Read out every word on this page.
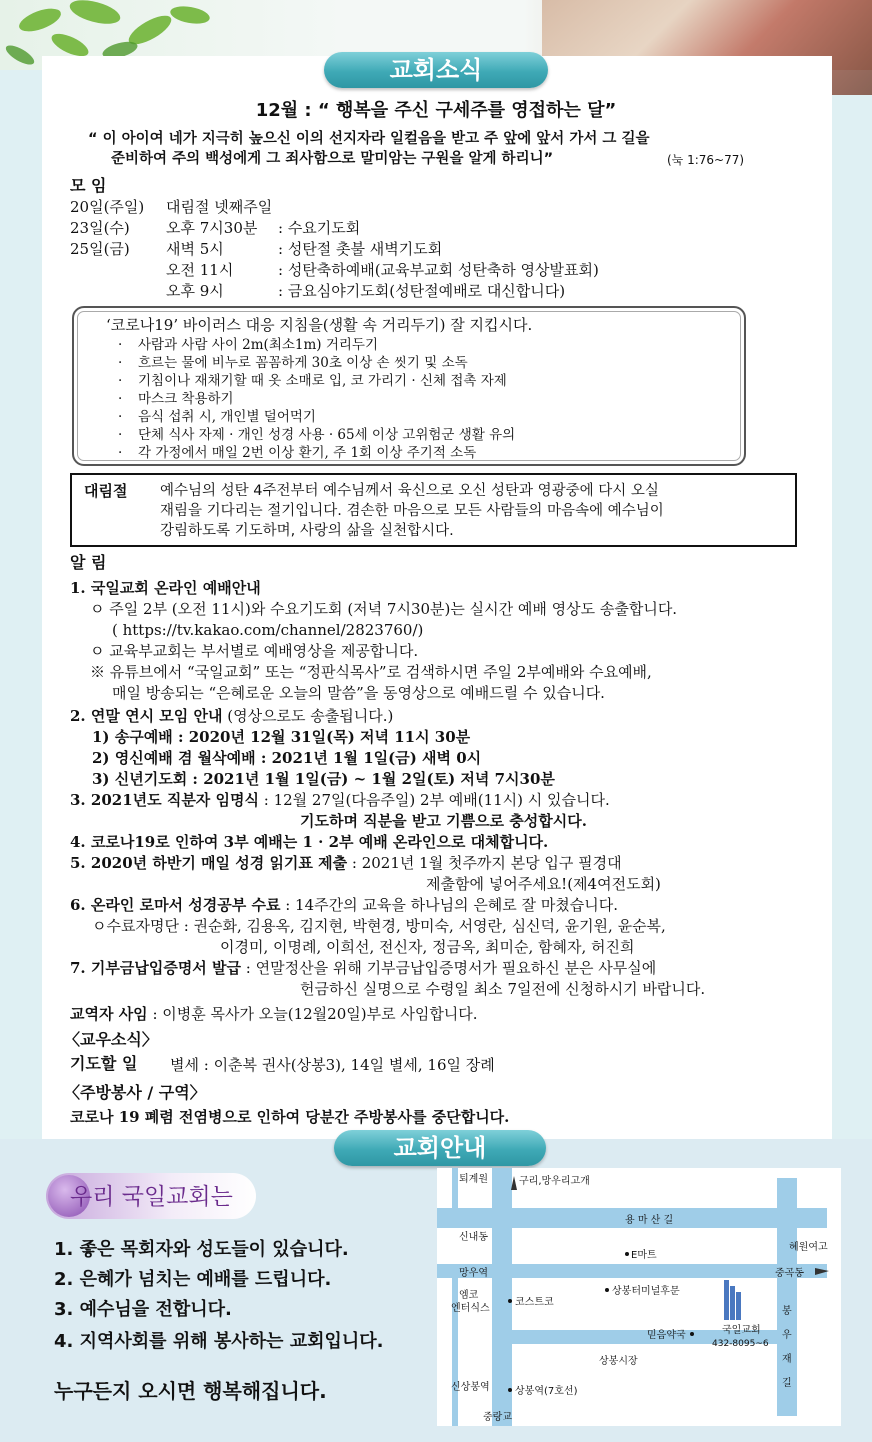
교회소식
12월 : “ 행복을 주신 구세주를 영접하는 달”
“ 이 아이여 네가 지극히 높으신 이의 선지자라 일컬음을 받고 주 앞에 앞서 가서 그 길을
준비하여 주의 백성에게 그 죄사함으로 말미암는 구원을 알게 하리니”	(눅 1:76~77)
모 임
20일(주일) 대림절 넷째주일
23일(수) 오후 7시30분 : 수요기도회
25일(금) 새벽 5시	: 성탄절 촛불 새벽기도회
오전 11시	: 성탄축하예배(교육부교회 성탄축하 영상발표회)
오후 9시	: 금요심야기도회(성탄절예배로 대신합니다)
‘코로나19’ 바이러스 대응 지침을(생활 속 거리두기) 잘 지킵시다.
· 사람과 사람 사이 2m(최소1m) 거리두기
· 흐르는 물에 비누로 꼼꼼하게 30초 이상 손 씻기 및 소독
· 기침이나 재채기할 때 옷 소매로 입, 코 가리기 · 신체 접촉 자제
· 마스크 착용하기
· 음식 섭취 시, 개인별 덜어먹기
· 단체 식사 자제 · 개인 성경 사용 · 65세 이상 고위험군 생활 유의
· 각 가정에서 매일 2번 이상 환기, 주 1회 이상 주기적 소독
대림절 예수님의 성탄 4주전부터 예수님께서 육신으로 오신 성탄과 영광중에 다시 오실
재림을 기다리는 절기입니다. 겸손한 마음으로 모든 사람들의 마음속에 예수님이
강림하도록 기도하며, 사랑의 삶을 실천합시다.
알 림
1. 국일교회 온라인 예배안내
ㅇ 주일 2부 (오전 11시)와 수요기도회 (저녁 7시30분)는 실시간 예배 영상도 송출합니다.
( https://tv.kakao.com/channel/2823760/)
ㅇ 교육부교회는 부서별로 예배영상을 제공합니다.
※ 유튜브에서 “국일교회” 또는 “정판식목사”로 검색하시면 주일 2부예배와 수요예배,
매일 방송되는 “은혜로운 오늘의 말씀”을 동영상으로 예배드릴 수 있습니다.
2. 연말 연시 모임 안내 (영상으로도 송출됩니다.)
1) 송구예배 : 2020년 12월 31일(목) 저녁 11시 30분
2) 영신예배 겸 월삭예배 : 2021년 1월 1일(금) 새벽 0시
3) 신년기도회 : 2021년 1월 1일(금) ~ 1월 2일(토) 저녁 7시30분
3. 2021년도 직분자 임명식 : 12월 27일(다음주일) 2부 예배(11시) 시 있습니다.
기도하며 직분을 받고 기쁨으로 충성합시다.
4. 코로나19로 인하여 3부 예배는 1 · 2부 예배 온라인으로 대체합니다.
5. 2020년 하반기 매일 성경 읽기표 제출 : 2021년 1월 첫주까지 본당 입구 필경대
제출함에 넣어주세요!(제4여전도회)
6. 온라인 로마서 성경공부 수료 : 14주간의 교육을 하나님의 은혜로 잘 마쳤습니다.
ㅇ수료자명단 : 권순화, 김용옥, 김지현, 박현경, 방미숙, 서영란, 심신덕, 윤기원, 윤순복,
이경미, 이명례, 이희선, 전신자, 정금옥, 최미순, 함혜자, 허진희
7. 기부금납입증명서 발급 : 연말정산을 위해 기부금납입증명서가 필요하신 분은 사무실에
헌금하신 실명으로 수령일 최소 7일전에 신청하시기 바랍니다.
교역자 사임 : 이병훈 목사가 오늘(12월20일)부로 사임합니다.
〈교우소식〉
기도할 일 별세 : 이춘복 권사(상봉3), 14일 별세, 16일 장례
〈주방봉사 / 구역〉
코로나 19 폐렴 전염병으로 인하여 당분간 주방봉사를 중단합니다.
교회안내
우리 국일교회는
1. 좋은 목회자와 성도들이 있습니다.
2. 은혜가 넘치는 예배를 드립니다.
3. 예수님을 전합니다.
4. 지역사회를 위해 봉사하는 교회입니다.
누구든지 오시면 행복해집니다.
퇴계원	구리,망우리고개
용 마 산 길
신내동
E마트
혜원여고
망우역	중곡동
엠코
엔터식스
코스트코
상봉터미널후문
국일교회
432-8095~6
믿음약국
봉
우
재
길
상봉시장
신상봉역	상봉역(7호선)
중랑교
